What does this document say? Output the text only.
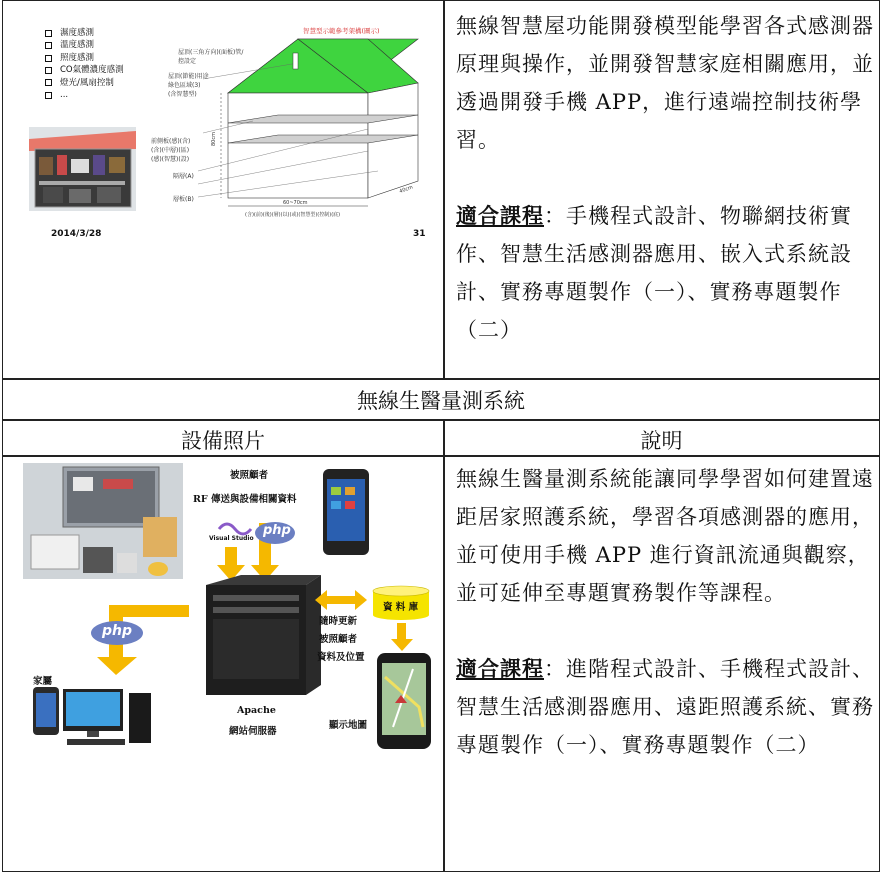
濕度感測
溫度感測
照度感測
CO氣體濃度感測
燈光/風扇控制
...
智慧型示範參考架構(圖示)
40cm
60~70cm
80cm
(含)(前)(後)(層)(以)(或)(智慧型)(控制)(底)
屋頂(三角方向)(面板)管/控設定
屋頂(節能)用途
綠色區域(3)
(含智慧型)
前側板(感)(含)
(含)(中層)(區)
(感)(智慧)(設)
隔層(A)
層板(B)
2014/3/28	31

無線智慧屋功能開發模型能學習各式感測器原理與操作，並開發智慧家庭相關應用，並透過開發手機 APP，進行遠端控制技術學習。

適合課程：手機程式設計、物聯網技術實作、智慧生活感測器應用、嵌入式系統設計、實務專題製作（一）、實務專題製作（二）

無線生醫量測系統
設備照片	說明
被照顧者
RF 傳送與設備相關資料
Visual Studio
php
php
資 料 庫
隨時更新
被照顧者
資料及位置
家屬
Apache
網站伺服器
顯示地圖

無線生醫量測系統能讓同學學習如何建置遠距居家照護系統，學習各項感測器的應用，並可使用手機 APP 進行資訊流通與觀察，並可延伸至專題實務製作等課程。

適合課程：進階程式設計、手機程式設計、智慧生活感測器應用、遠距照護系統、實務專題製作（一）、實務專題製作（二）
